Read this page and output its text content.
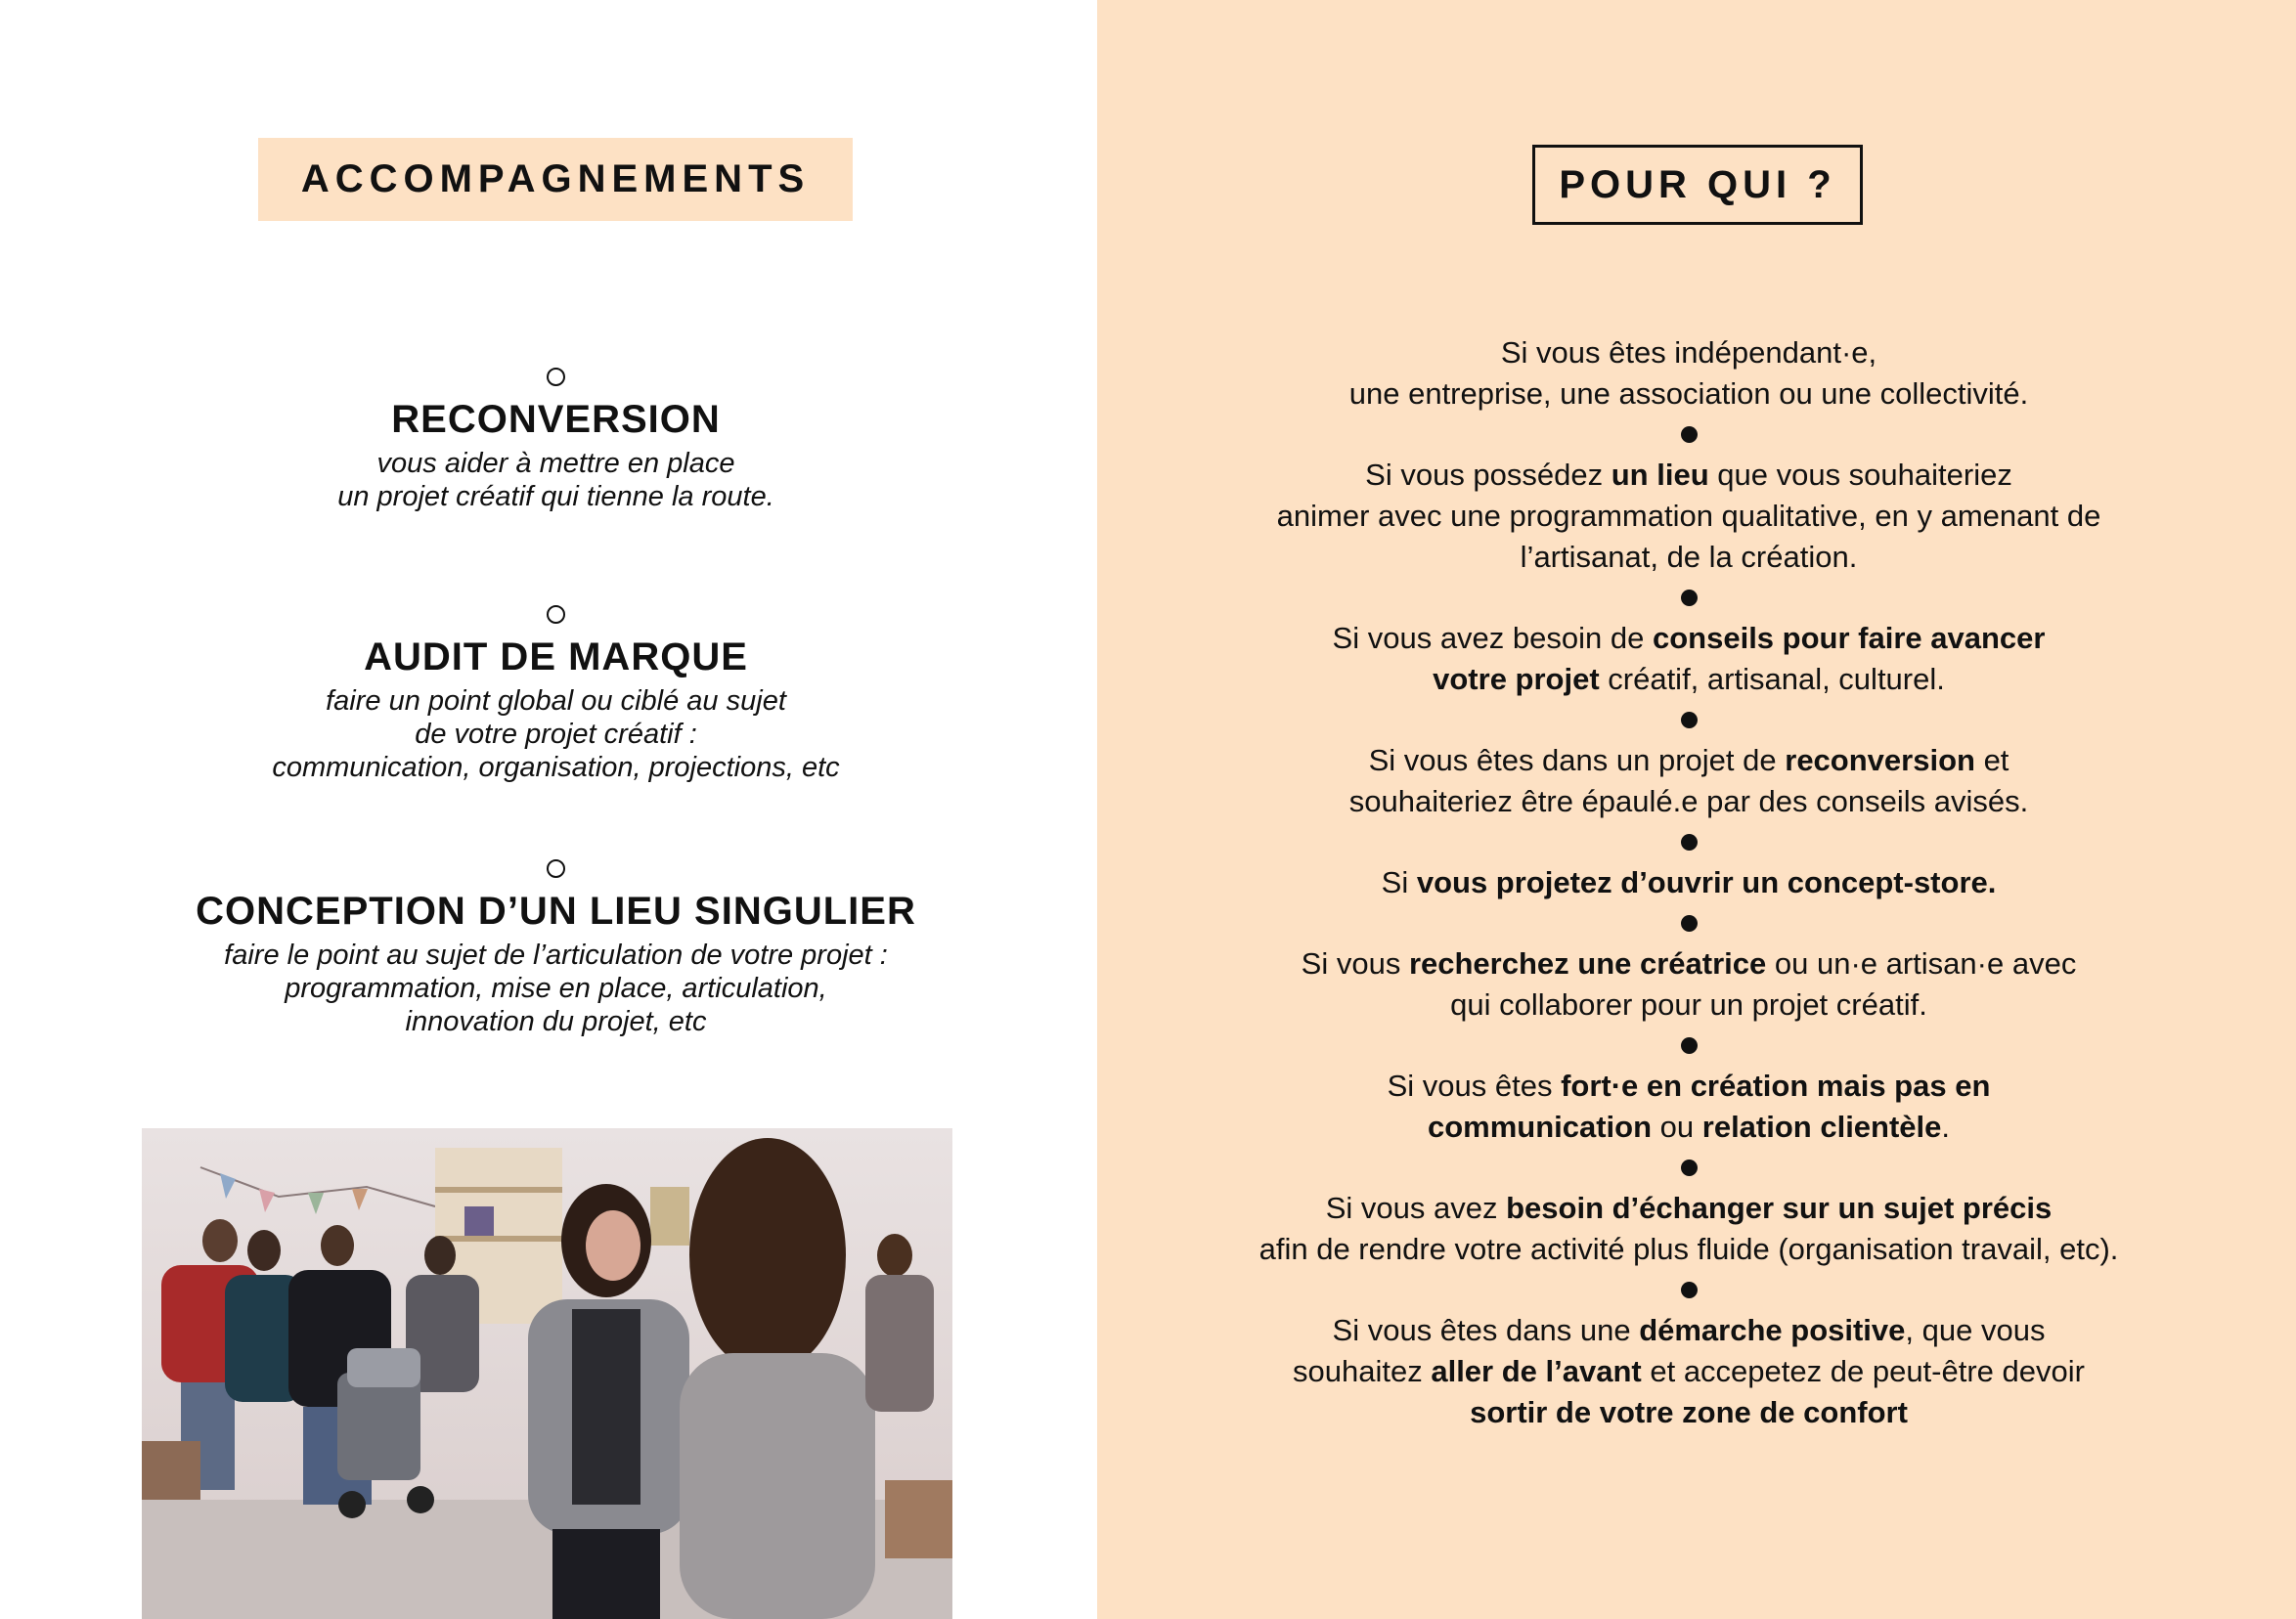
ACCOMPAGNEMENTS
RECONVERSION
vous aider à mettre en place
un projet créatif qui tienne la route.
AUDIT DE MARQUE
faire un point global ou ciblé au sujet
de votre projet créatif :
communication, organisation, projections, etc
CONCEPTION D’UN LIEU SINGULIER
faire le point au sujet de l’articulation de votre projet :
programmation, mise en place, articulation,
innovation du projet, etc
POUR QUI ?
Si vous êtes indépendant·e,
une entreprise, une association ou une collectivité.
Si vous possédez un lieu que vous souhaiteriez
animer avec une programmation qualitative, en y amenant de
l’artisanat, de la création.
Si vous avez besoin de conseils pour faire avancer
votre projet créatif, artisanal, culturel.
Si vous êtes dans un projet de reconversion et
souhaiteriez être épaulé.e par des conseils avisés.
Si vous projetez d’ouvrir un concept-store.
Si vous recherchez une créatrice ou un·e artisan·e avec
qui collaborer pour un projet créatif.
Si vous êtes fort·e en création mais pas en
communication ou relation clientèle.
Si vous avez besoin d’échanger sur un sujet précis
afin de rendre votre activité plus fluide (organisation travail, etc).
Si vous êtes dans une démarche positive, que vous
souhaitez aller de l’avant et accepetez de peut-être devoir
sortir de votre zone de confort
